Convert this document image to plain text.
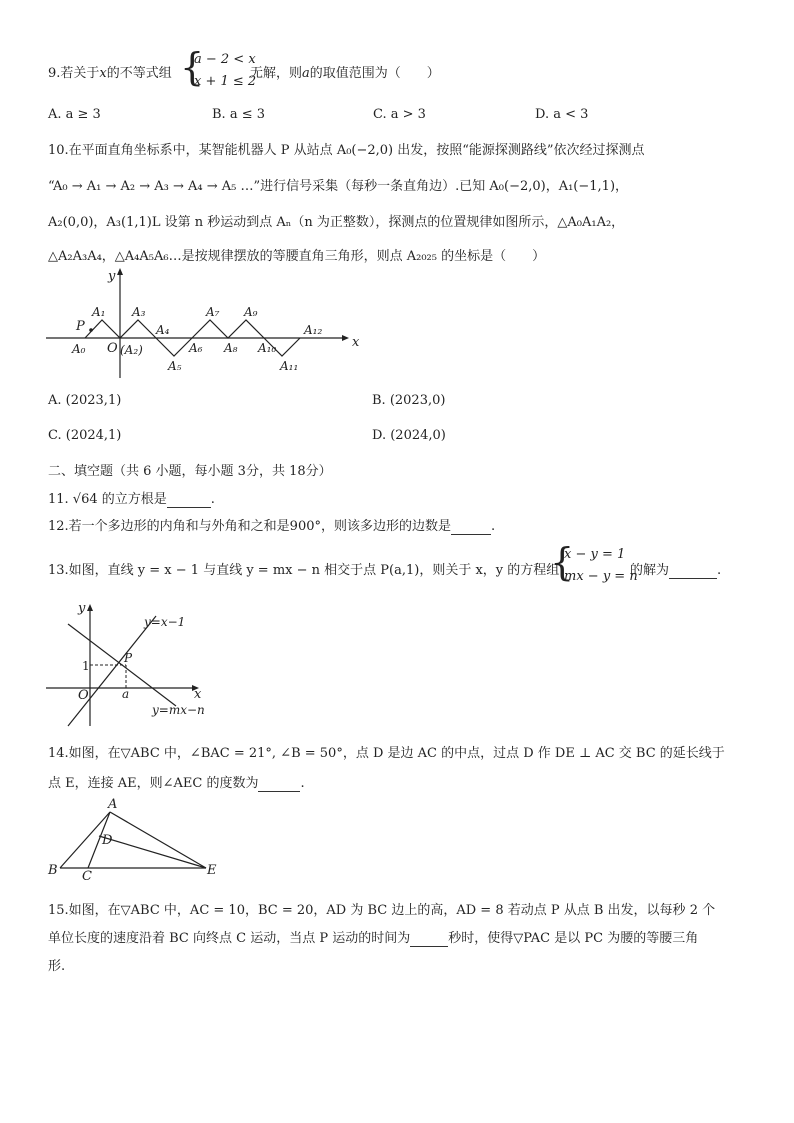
9.若关于x的不等式组 {
a − 2 < x
x + 1 ≤ 2
无解，则a的取值范围为（　　）
A. a ≥ 3	B. a ≤ 3	C. a > 3	D. a < 3
10.在平面直角坐标系中，某智能机器人 P 从站点 A₀(−2,0) 出发，按照“能源探测路线”依次经过探测点
“A₀ → A₁ → A₂ → A₃ → A₄ → A₅ …”进行信号采集（每秒一条直角边）.已知 A₀(−2,0)，A₁(−1,1)，
A₂(0,0)，A₃(1,1)L 设第 n 秒运动到点 Aₙ（n 为正整数），探测点的位置规律如图所示，△A₀A₁A₂，
△A₂A₃A₄，△A₄A₅A₆…是按规律摆放的等腰直角三角形，则点 A₂₀₂₅ 的坐标是（　　）
x
y
P
O (A₂)
A₀
A₁ A₃
A₄
A₅
A₆
A₇
A₈
A₉
A₁₀
A₁₁
A₁₂
A. (2023,1)	B. (2023,0)
C. (2024,1)	D. (2024,0)
二、填空题（共 6 小题，每小题 3分，共 18分）
11. √64 的立方根是	.
12.若一个多边形的内角和与外角和之和是900°，则该多边形的边数是	.
13.如图，直线 y = x − 1 与直线 y = mx − n 相交于点 P(a,1)，则关于 x，y 的方程组
{
x − y = 1
mx − y = n
的解为	.
x
y
O
1
a
P
y=x−1
y=mx−n
14.如图，在▽ABC 中，∠BAC = 21°, ∠B = 50°，点 D 是边 AC 的中点，过点 D 作 DE ⊥ AC 交 BC 的延长线于
点 E，连接 AE，则∠AEC 的度数为	.
A
B C
D
E
15.如图，在▽ABC 中，AC = 10，BC = 20，AD 为 BC 边上的高，AD = 8 若动点 P 从点 B 出发，以每秒 2 个
单位长度的速度沿着 BC 向终点 C 运动，当点 P 运动的时间为	秒时，使得▽PAC 是以 PC 为腰的等腰三角
形.
